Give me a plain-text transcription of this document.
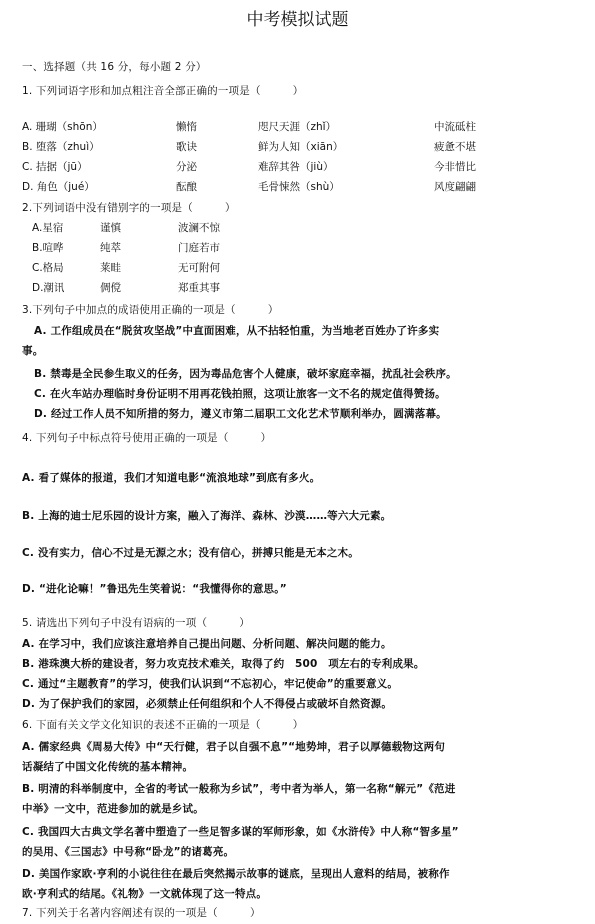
中考模拟试题
一、选择题（共 16 分，每小题 2 分）
1. 下列词语字形和加点粗注音全部正确的一项是（　　　）
A. 珊瑚（shōn）	懒惰	咫尺天涯（zhǐ）	中流砥柱
B. 堕落（zhuì）	歌诀	鲜为人知（xiān）	疲惫不堪
C. 拮据（jū）	分泌	难辞其咎（jiù）	今非惜比
D. 角色（jué）	酝酿	毛骨悚然（shù）	风度翩翩
2.下列词语中没有错别字的一项是（　　　）
A.星宿	谨慎	波澜不惊
B.喧哗	纯萃	门庭若市
C.格局	莱畦	无可附何
D.潮讯	倜傥	郑重其事
3.下列句子中加点的成语使用正确的一项是（　　　）
A. 工作组成员在“脱贫攻坚战”中直面困难，从不拈轻怕重，为当地老百姓办了许多实
事。
B. 禁毒是全民参生取义的任务，因为毒品危害个人健康，破坏家庭幸福，扰乱社会秩序。
C. 在火车站办理临时身份证明不用再花钱拍照，这项让旅客一文不名的规定值得赞扬。
D. 经过工作人员不知所措的努力，遵义市第二届职工文化艺术节顺利举办，圆满落幕。
4. 下列句子中标点符号使用正确的一项是（　　　）
A. 看了媒体的报道，我们才知道电影“流浪地球”到底有多火。
B. 上海的迪士尼乐园的设计方案，融入了海洋、森林、沙漠……等六大元素。
C. 没有实力，信心不过是无源之水；没有信心，拼搏只能是无本之木。
D. “进化论嘛！”鲁迅先生笑着说：“我懂得你的意思。”
5. 请选出下列句子中没有语病的一项（　　　）
A. 在学习中，我们应该注意培养自己提出问题、分析问题、解决问题的能力。
B. 港珠澳大桥的建设者，努力攻克技术难关，取得了约　500　项左右的专利成果。
C. 通过“主题教育”的学习，使我们认识到“不忘初心，牢记使命”的重要意义。
D. 为了保护我们的家园，必须禁止任何组织和个人不得侵占或破坏自然资源。
6. 下面有关文学文化知识的表述不正确的一项是（　　　）
A. 儒家经典《周易大传》中“天行健，君子以自强不息”“地势坤，君子以厚德载物这两句
话凝结了中国文化传统的基本精神。
B. 明清的科举制度中，全省的考试一般称为乡试”，考中者为举人，第一名称“解元”《范进
中举》一文中，范进参加的就是乡试。
C. 我国四大古典文学名著中塑造了一些足智多谋的军师形象，如《水浒传》中人称“智多星”
的吴用、《三国志》中号称“卧龙”的诸葛亮。
D. 美国作家欧·亨利的小说往往在最后突然揭示故事的谜底，呈现出人意料的结局，被称作
欧·亨利式的结尾。《礼物》一文就体现了这一特点。
7. 下列关于名著内容阐述有误的一项是（　　　）
